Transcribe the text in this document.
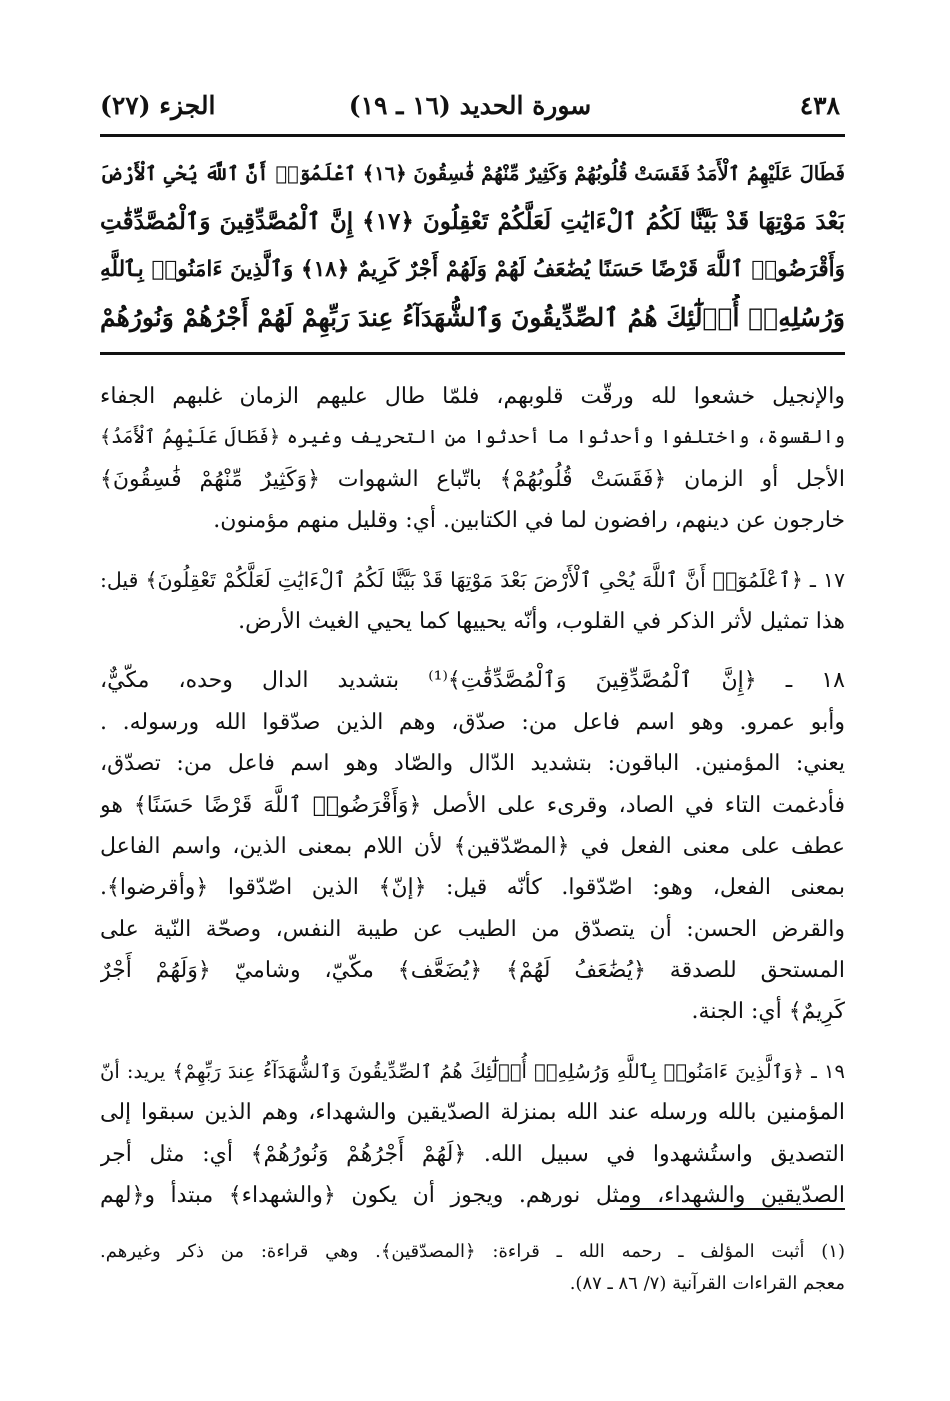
٤٣٨
سورة الحديد (١٦ ـ ١٩)
الجزء (٢٧)
فَطَالَ عَلَيْهِمُ ٱلْأَمَدُ فَقَسَتْ قُلُوبُهُمْ وَكَثِيرٌ مِّنْهُمْ فَٰسِقُونَ ﴿١٦﴾ ٱعْلَمُوٓا۟ أَنَّ ٱللَّهَ يُحْىِ ٱلْأَرْضَ
بَعْدَ مَوْتِهَا قَدْ بَيَّنَّا لَكُمُ ٱلْءَايَٰتِ لَعَلَّكُمْ تَعْقِلُونَ ﴿١٧﴾ إِنَّ ٱلْمُصَّدِّقِينَ وَٱلْمُصَّدِّقَٰتِ
وَأَقْرَضُوا۟ ٱللَّهَ قَرْضًا حَسَنًا يُضَٰعَفُ لَهُمْ وَلَهُمْ أَجْرٌ كَرِيمٌ ﴿١٨﴾ وَٱلَّذِينَ ءَامَنُوا۟ بِٱللَّهِ
وَرُسُلِهِۦٓ أُو۟لَٰٓئِكَ هُمُ ٱلصِّدِّيقُونَ وَٱلشُّهَدَآءُ عِندَ رَبِّهِمْ لَهُمْ أَجْرُهُمْ وَنُورُهُمْ
والإنجيل خشعوا لله ورقّت قلوبهم، فلمّا طال عليهم الزمان غلبهم الجفاء
والقسوة، واختلفوا وأحدثوا ما أحدثوا من التحريف وغيره ﴿فَطَالَ عَلَيْهِمُ ٱلْأَمَدُ﴾
الأجل أو الزمان ﴿فَقَسَتْ قُلُوبُهُمْ﴾ باتّباع الشهوات ﴿وَكَثِيرٌ مِّنْهُمْ فَٰسِقُونَ﴾
خارجون عن دينهم، رافضون لما في الكتابين. أي: وقليل منهم مؤمنون.
١٧ ـ ﴿ٱعْلَمُوٓا۟ أَنَّ ٱللَّهَ يُحْىِ ٱلْأَرْضَ بَعْدَ مَوْتِهَا قَدْ بَيَّنَّا لَكُمُ ٱلْءَايَٰتِ لَعَلَّكُمْ تَعْقِلُونَ﴾ قيل:
هذا تمثيل لأثر الذكر في القلوب، وأنّه يحييها كما يحيي الغيث الأرض.
١٨ ـ ﴿إِنَّ ٱلْمُصَّدِّقِينَ وَٱلْمُصَّدِّقَٰتِ﴾⁽¹⁾ بتشديد الدال وحده، مكّيٌّ،
وأبو عمرو. وهو اسم فاعل من: صدّق، وهم الذين صدّقوا الله ورسوله. .
يعني: المؤمنين. الباقون: بتشديد الدّال والصّاد وهو اسم فاعل من: تصدّق،
فأدغمت التاء في الصاد، وقرىء على الأصل ﴿وَأَقْرَضُوا۟ ٱللَّهَ قَرْضًا حَسَنًا﴾ هو
عطف على معنى الفعل في ﴿المصّدّقين﴾ لأن اللام بمعنى الذين، واسم الفاعل
بمعنى الفعل، وهو: اصّدّقوا. كأنّه قيل: ﴿إنّ﴾ الذين اصّدّقوا ﴿وأقرضوا﴾.
والقرض الحسن: أن يتصدّق من الطيب عن طيبة النفس، وصحّة النّية على
المستحق للصدقة ﴿يُضَٰعَفُ لَهُمْ﴾ ﴿يُضَعَّف﴾ مكّيّ، وشاميّ ﴿وَلَهُمْ أَجْرٌ
كَرِيمٌ﴾ أي: الجنة.
١٩ ـ ﴿وَٱلَّذِينَ ءَامَنُوا۟ بِٱللَّهِ وَرُسُلِهِۦٓ أُو۟لَٰٓئِكَ هُمُ ٱلصِّدِّيقُونَ وَٱلشُّهَدَآءُ عِندَ رَبِّهِمْ﴾ يريد: أنّ
المؤمنين بالله ورسله عند الله بمنزلة الصدّيقين والشهداء، وهم الذين سبقوا إلى
التصديق واستُشهدوا في سبيل الله. ﴿لَهُمْ أَجْرُهُمْ وَنُورُهُمْ﴾ أي: مثل أجر
الصدّيقين والشهداء، ومثل نورهم. ويجوز أن يكون ﴿والشهداء﴾ مبتدأ و﴿لهم
(١) أثبت المؤلف ـ رحمه الله ـ قراءة: ﴿المصدّقين﴾. وهي قراءة: من ذكر وغيرهم.
معجم القراءات القرآنية (٧/ ٨٦ ـ ٨٧).
